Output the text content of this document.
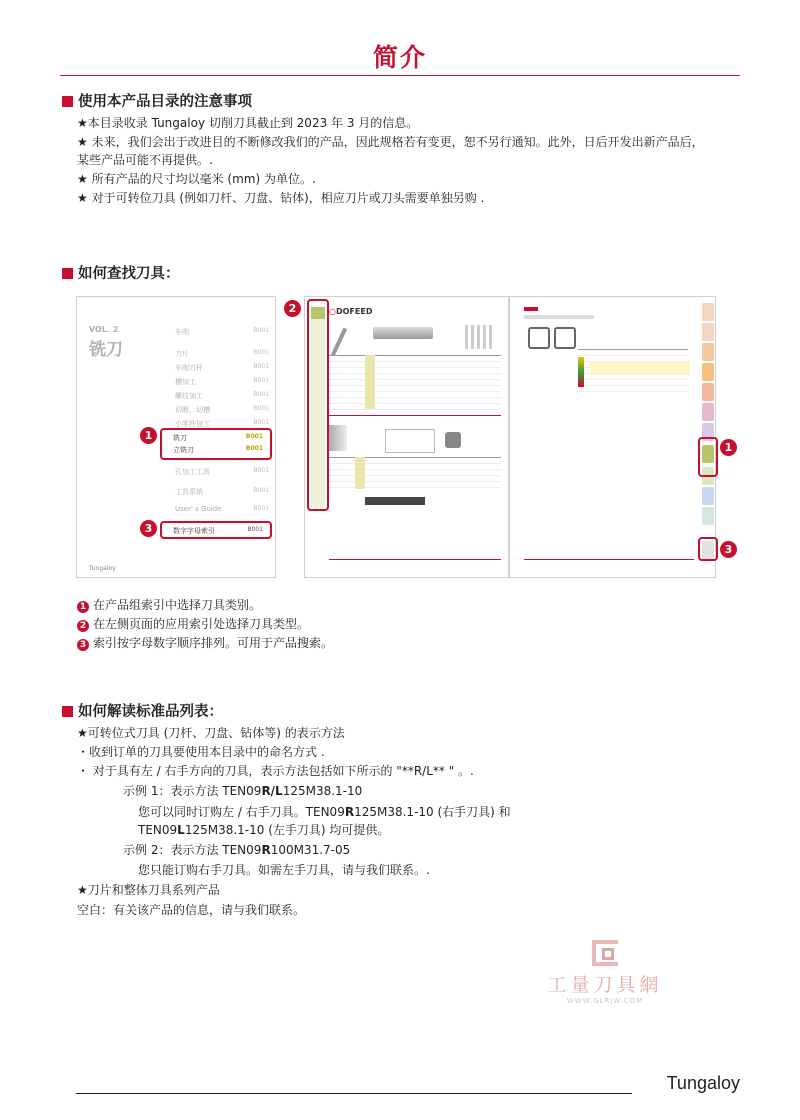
简介
使用本产品目录的注意事项
★本目录收录 Tungaloy 切削刀具截止到 2023 年 3 月的信息。
★ 未来，我们会出于改进目的不断修改我们的产品，因此规格若有变更，恕不另行通知。此外，日后开发出新产品后，
某些产品可能不再提供。.
★ 所有产品的尺寸均以毫米 (mm) 为单位。.
★ 对于可转位刀具 (例如刀杆、刀盘、钻体)，相应刀片或刀头需要单独另购 .
如何查找刀具：
VOL. 2
铣刀
车削	B001
刀片	B001
车削刀杆	B001
槽加工	B001
螺纹加工	B001
切断、切槽	B001
小零件加工	B001
铣刀	B001
立铣刀	B001
孔加工工具	B001
工具系统	B001
User' s Guide	B001
数字字母索引	B001
Tungaloy
○DOFEED
1
3
2
1
3
1 在产品组索引中选择刀具类别。
2 在左侧页面的应用索引处选择刀具类型。
3 索引按字母数字顺序排列。可用于产品搜索。
如何解读标准品列表：
★可转位式刀具 (刀杆、刀盘、钻体等) 的表示方法
・收到订单的刀具要使用本目录中的命名方式 .
・ 对于具有左 / 右手方向的刀具，表示方法包括如下所示的 "**R/L** " 。.
示例 1：表示方法 TEN09R/L125M38.1-10
您可以同时订购左 / 右手刀具。TEN09R125M38.1-10 (右手刀具) 和
TEN09L125M38.1-10 (左手刀具) 均可提供。
示例 2：表示方法 TEN09R100M31.7-05
您只能订购右手刀具。如需左手刀具，请与我们联系。.
★刀片和整体刀具系列产品
空白：有关该产品的信息，请与我们联系。
工量刀具網
WWW.GLRJW.COM
Tungaloy
